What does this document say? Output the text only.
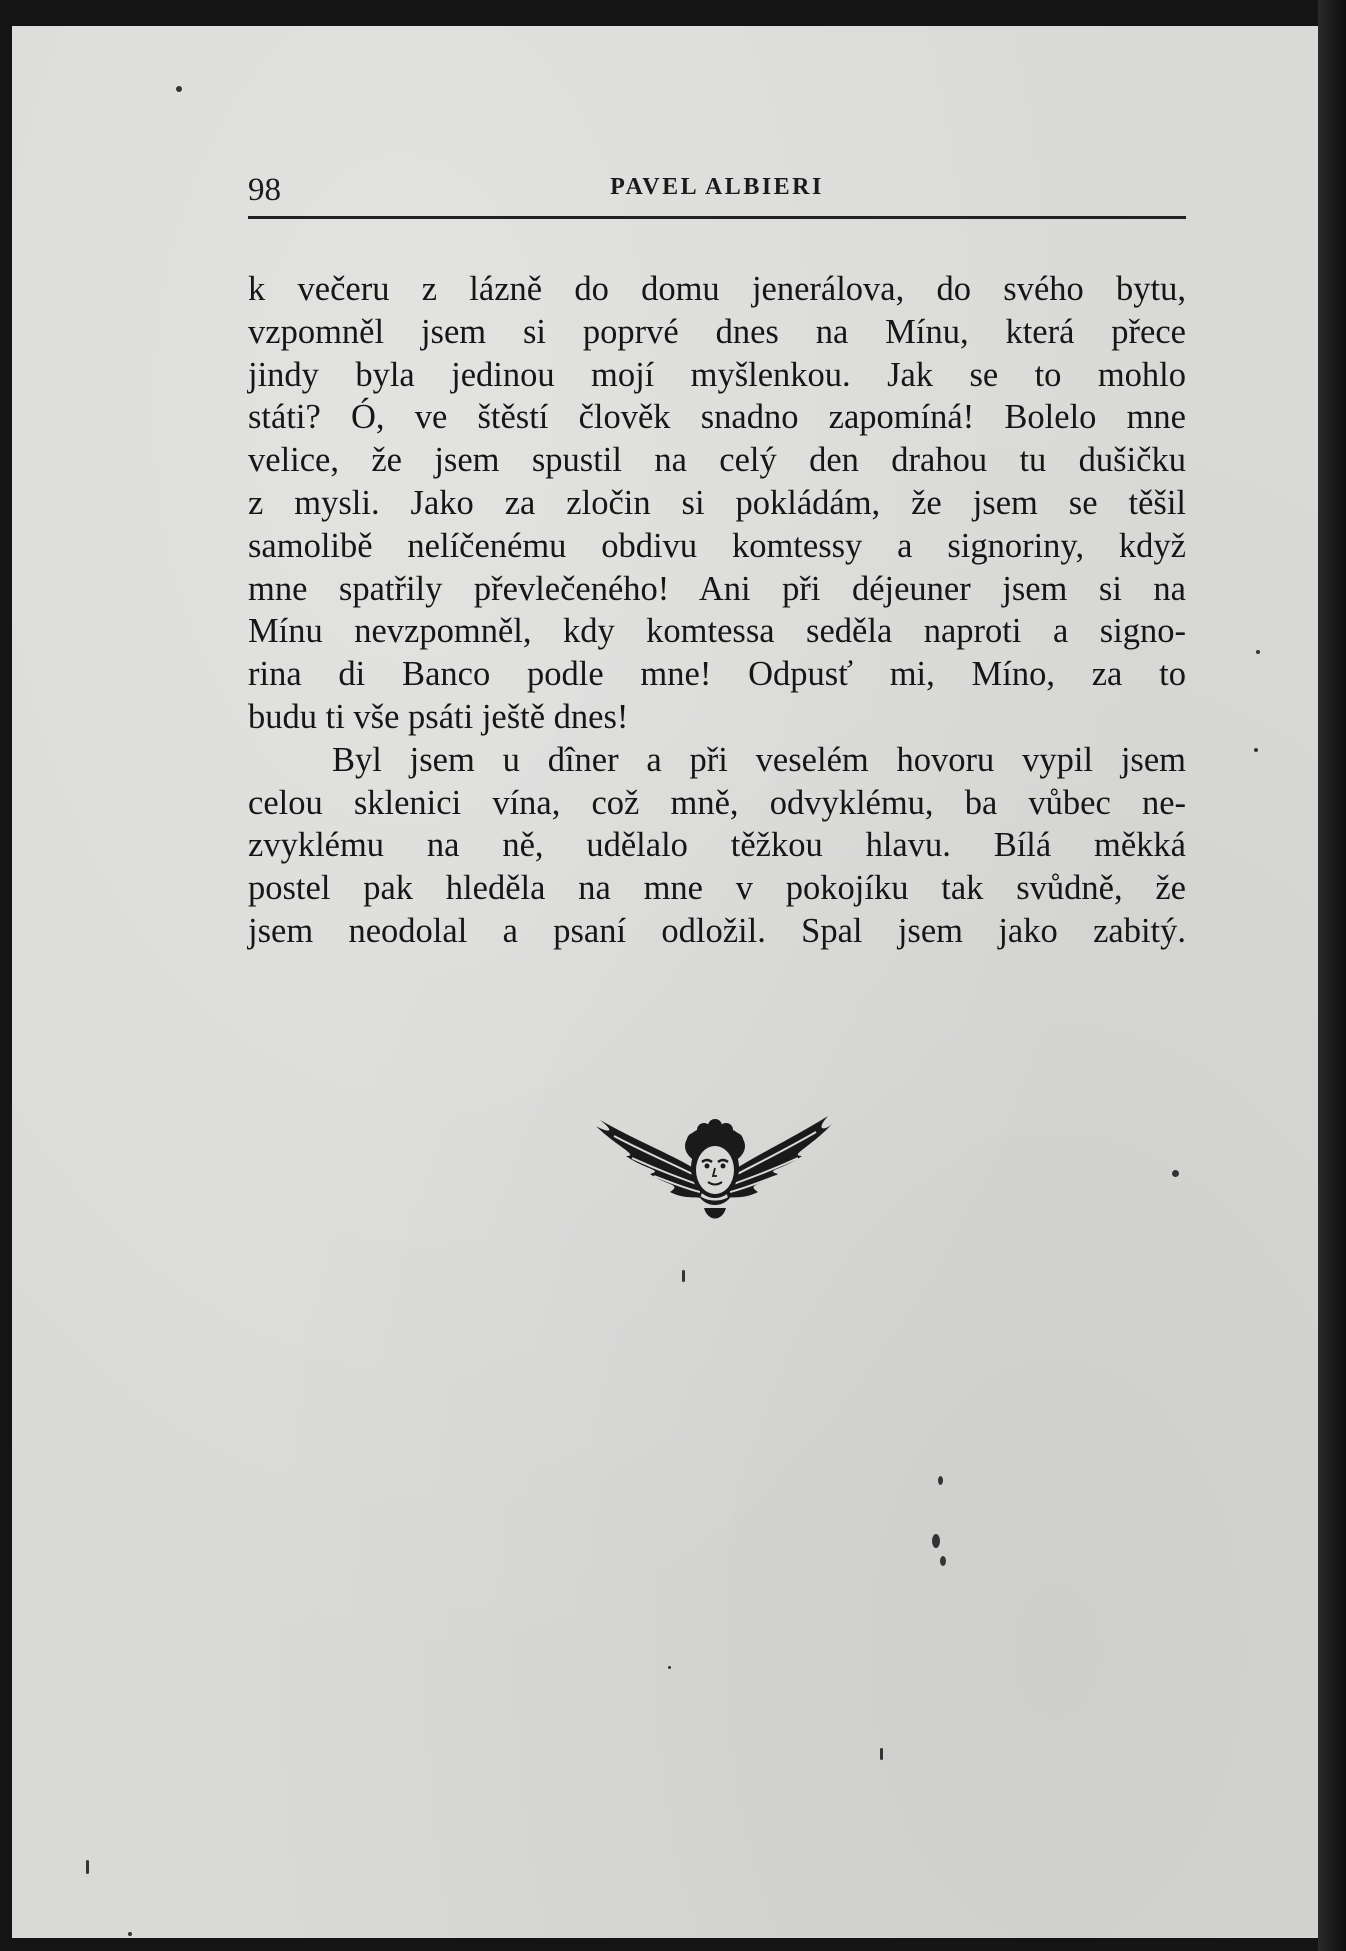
98	PAVEL ALBIERI
k večeru z lázně do domu jenerálova, do svého bytu,
vzpomněl jsem si poprvé dnes na Mínu, která přece
jindy byla jedinou mojí myšlenkou. Jak se to mohlo
státi? Ó, ve štěstí člověk snadno zapomíná! Bolelo mne
velice, že jsem spustil na celý den drahou tu dušičku
z mysli. Jako za zločin si pokládám, že jsem se těšil
samolibě nelíčenému obdivu komtessy a signoriny, když
mne spatřily převlečeného! Ani při déjeuner jsem si na
Mínu nevzpomněl, kdy komtessa seděla naproti a signo-
rina di Banco podle mne! Odpusť mi, Míno, za to
budu ti vše psáti ještě dnes!
Byl jsem u dîner a při veselém hovoru vypil jsem
celou sklenici vína, což mně, odvyklému, ba vůbec ne-
zvyklému na ně, udělalo těžkou hlavu. Bílá měkká
postel pak hleděla na mne v pokojíku tak svůdně, že
jsem neodolal a psaní odložil. Spal jsem jako zabitý.
